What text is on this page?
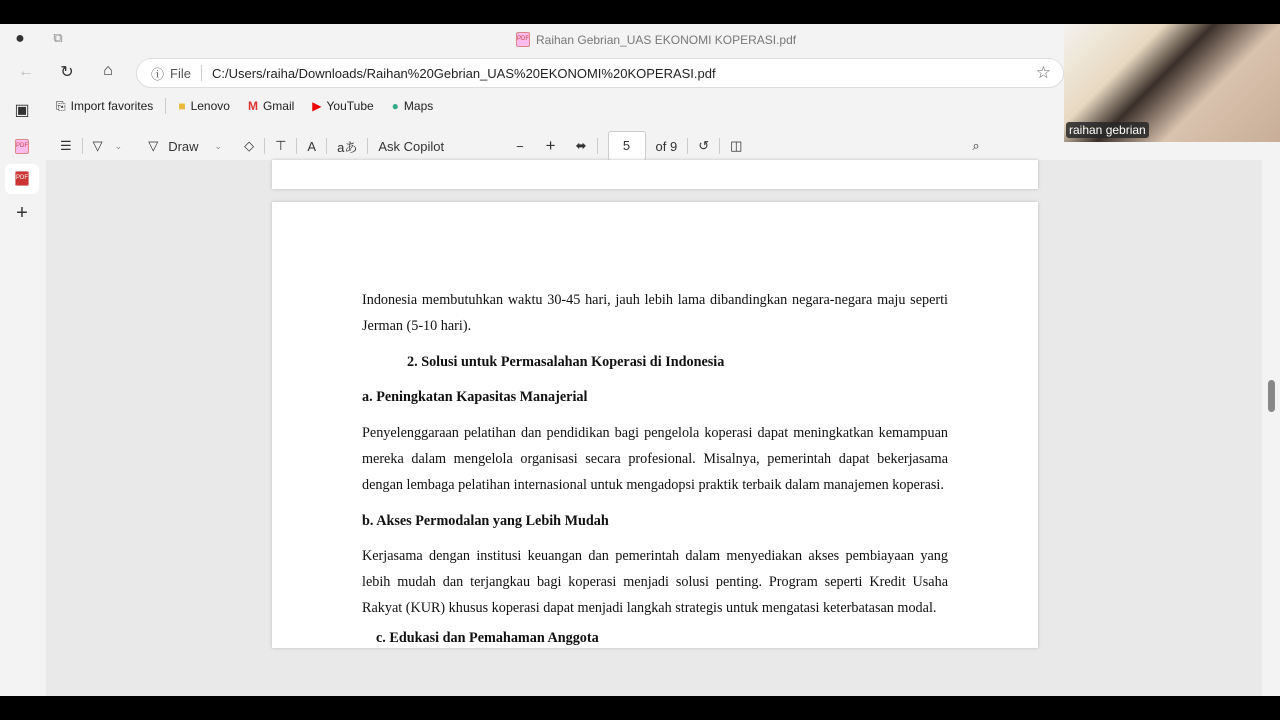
●	⧉	PDF Raihan Gebrian_UAS EKONOMI KOPERASI.pdf
←	↻	⌂	ⓘ File C:/Users/raiha/Downloads/Raihan%20Gebrian_UAS%20EKONOMI%20KOPERASI.pdf	☆
⎘ Import favorites ■ Lenovo M Gmail ▶ YouTube ● Maps
▣
PDF
PDF
+
☰ ▽ ⌄ ▽ Draw ⌄ ◇ ⊤ A aあ Ask Copilot	− + ⬌	5	of 9 ↺ ◫	⌕

Indonesia membutuhkan waktu 30-45 hari, jauh lebih lama dibandingkan negara-negara maju seperti Jerman (5-10 hari).

2. Solusi untuk Permasalahan Koperasi di Indonesia
a. Peningkatan Kapasitas Manajerial

Penyelenggaraan pelatihan dan pendidikan bagi pengelola koperasi dapat meningkatkan kemampuan mereka dalam mengelola organisasi secara profesional. Misalnya, pemerintah dapat bekerjasama dengan lembaga pelatihan internasional untuk mengadopsi praktik terbaik dalam manajemen koperasi.

b. Akses Permodalan yang Lebih Mudah

Kerjasama dengan institusi keuangan dan pemerintah dalam menyediakan akses pembiayaan yang lebih mudah dan terjangkau bagi koperasi menjadi solusi penting. Program seperti Kredit Usaha Rakyat (KUR) khusus koperasi dapat menjadi langkah strategis untuk mengatasi keterbatasan modal.

c. Edukasi dan Pemahaman Anggota
raihan gebrian
